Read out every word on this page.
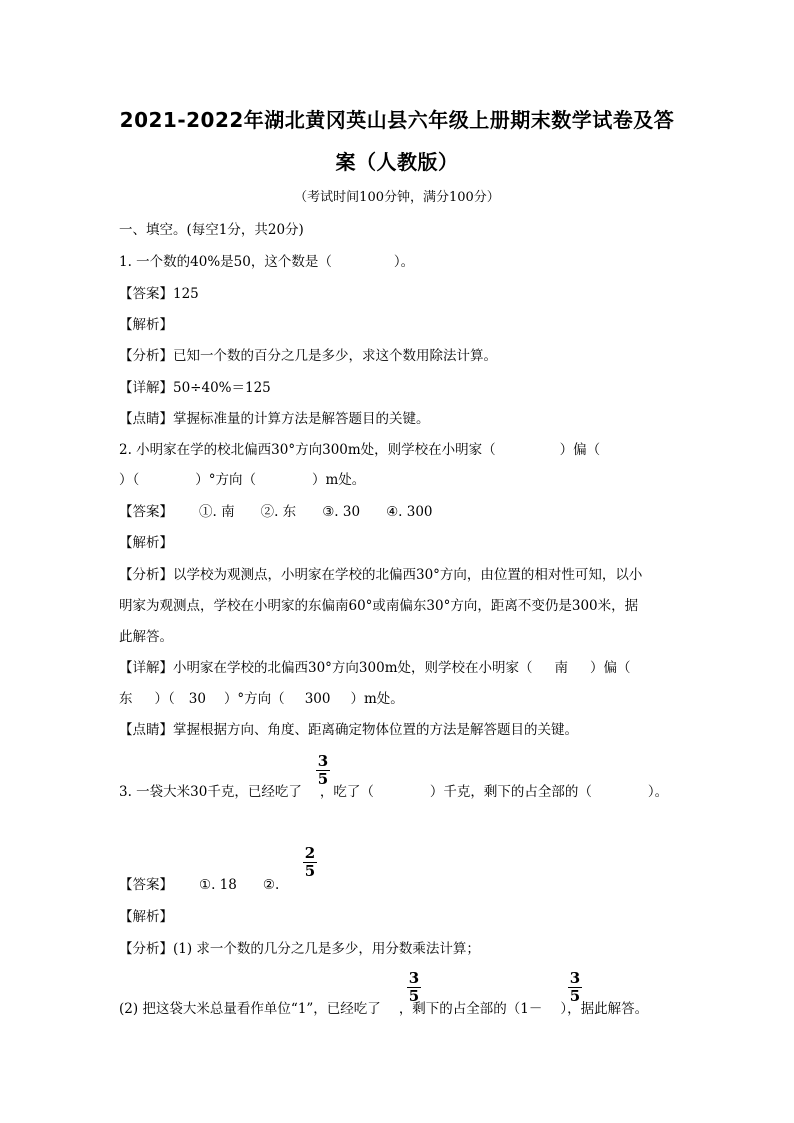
2021-2022年湖北黄冈英山县六年级上册期末数学试卷及答
案（人教版）
（考试时间100分钟，满分100分）
一、填空。(每空1分，共20分)
1. 一个数的40%是50，这个数是（	）。
【答案】125
【解析】
【分析】已知一个数的百分之几是多少，求这个数用除法计算。
【详解】50÷40%＝125
【点睛】掌握标准量的计算方法是解答题目的关键。
2. 小明家在学的校北偏西30°方向300m处，则学校在小明家（	）偏（
）（	）°方向（	）m处。
【答案】 ①. 南 ②. 东 ③. 30 ④. 300
【解析】
【分析】以学校为观测点，小明家在学校的北偏西30°方向，由位置的相对性可知，以小
明家为观测点，学校在小明家的东偏南60°或南偏东30°方向，距离不变仍是300米，据
此解答。
【详解】小明家在学校的北偏西30°方向300m处，则学校在小明家（ 南 ）偏（
东 ）（ 30 ）°方向（ 300 ）m处。
【点睛】掌握根据方向、角度、距离确定物体位置的方法是解答题目的关键。
3
5
3. 一袋大米30千克，已经吃了 ，吃了（	）千克，剩下的占全部的（	）。
2
5
【答案】 ①. 18 ②.
【解析】
【分析】(1) 求一个数的几分之几是多少，用分数乘法计算；
3
5
3
5
(2) 把这袋大米总量看作单位“1”，已经吃了 ，剩下的占全部的（1－ ），据此解答。
